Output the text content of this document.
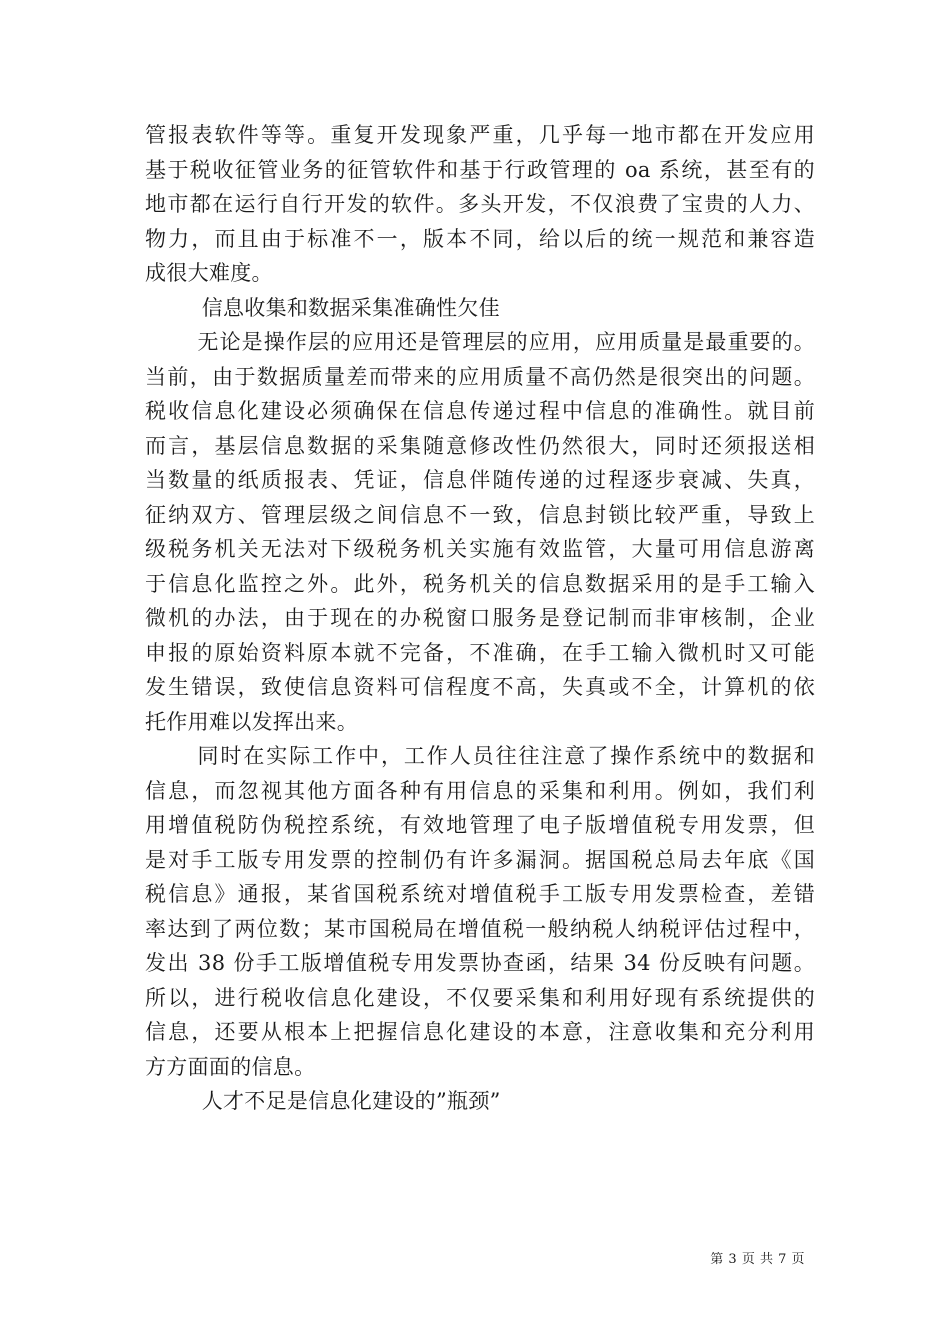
管报表软件等等。重复开发现象严重，几乎每一地市都在开发应用
基于税收征管业务的征管软件和基于行政管理的 oa 系统，甚至有的
地市都在运行自行开发的软件。多头开发，不仅浪费了宝贵的人力、
物力，而且由于标准不一，版本不同，给以后的统一规范和兼容造
成很大难度。
信息收集和数据采集准确性欠佳
无论是操作层的应用还是管理层的应用，应用质量是最重要的。
当前，由于数据质量差而带来的应用质量不高仍然是很突出的问题。
税收信息化建设必须确保在信息传递过程中信息的准确性。就目前
而言，基层信息数据的采集随意修改性仍然很大，同时还须报送相
当数量的纸质报表、凭证，信息伴随传递的过程逐步衰减、失真，
征纳双方、管理层级之间信息不一致，信息封锁比较严重，导致上
级税务机关无法对下级税务机关实施有效监管，大量可用信息游离
于信息化监控之外。此外，税务机关的信息数据采用的是手工输入
微机的办法，由于现在的办税窗口服务是登记制而非审核制，企业
申报的原始资料原本就不完备，不准确，在手工输入微机时又可能
发生错误，致使信息资料可信程度不高，失真或不全，计算机的依
托作用难以发挥出来。
同时在实际工作中，工作人员往往注意了操作系统中的数据和
信息，而忽视其他方面各种有用信息的采集和利用。例如，我们利
用增值税防伪税控系统，有效地管理了电子版增值税专用发票，但
是对手工版专用发票的控制仍有许多漏洞。据国税总局去年底《国
税信息》通报，某省国税系统对增值税手工版专用发票检查，差错
率达到了两位数；某市国税局在增值税一般纳税人纳税评估过程中，
发出 38 份手工版增值税专用发票协查函，结果 34 份反映有问题。
所以，进行税收信息化建设，不仅要采集和利用好现有系统提供的
信息，还要从根本上把握信息化建设的本意，注意收集和充分利用
方方面面的信息。
人才不足是信息化建设的”瓶颈”
第 3 页 共 7 页
